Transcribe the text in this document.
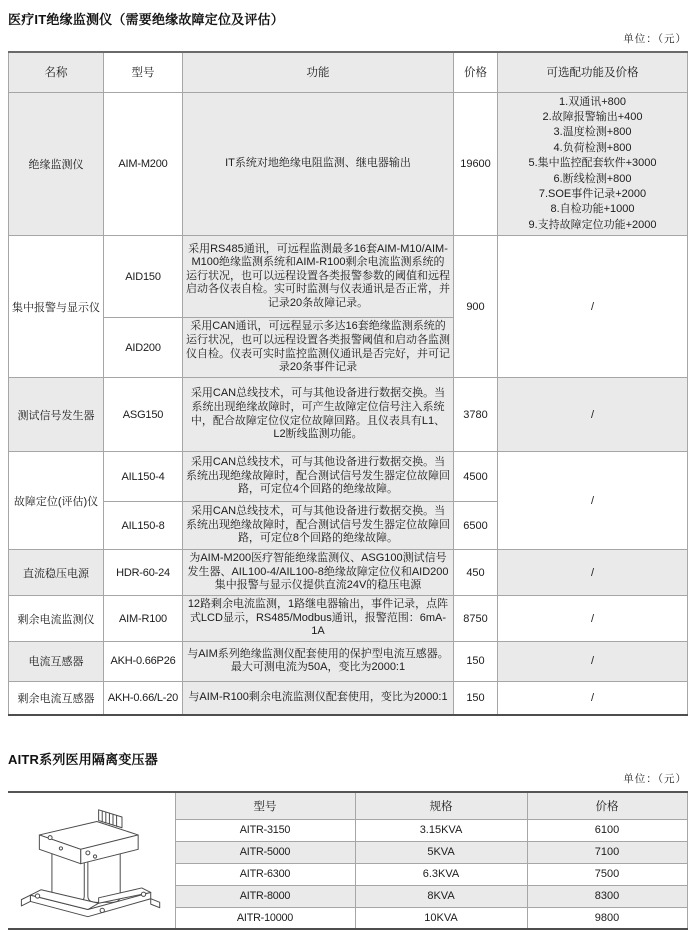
医疗IT绝缘监测仪（需要绝缘故障定位及评估）
单位：（元）
名称	型号	功能	价格	可选配功能及价格
绝缘监测仪	AIM-M200	IT系统对地绝缘电阻监测、继电器输出	19600	
1.双通讯+800
2.故障报警输出+400
3.温度检测+800
4.负荷检测+800
5.集中监控配套软件+3000
6.断线检测+800
7.SOE事件记录+2000
8.自检功能+1000
9.支持故障定位功能+2000

集中报警与显示仪	AID150	采用RS485通讯，可远程监测最多16套AIM-M10/AIM-M100绝缘监测系统和AIM-R100剩余电流监测系统的运行状况，也可以远程设置各类报警参数的阈值和远程启动各仪表自检。实可时监测与仪表通讯是否正常，并记录20条故障记录。	900	/
	AID200	采用CAN通讯，可远程显示多达16套绝缘监测系统的运行状况，也可以远程设置各类报警阈值和启动各监测仪自检。仪表可实时监控监测仪通讯是否完好，并可记录20条事件记录		
测试信号发生器	ASG150	采用CAN总线技术，可与其他设备进行数据交换。当系统出现绝缘故障时，可产生故障定位信号注入系统中，配合故障定位仪定位故障回路。且仪表具有L1、L2断线监测功能。	3780	/
故障定位(评估)仪	AIL150-4	采用CAN总线技术，可与其他设备进行数据交换。当系统出现绝缘故障时，配合测试信号发生器定位故障回路，可定位4个回路的绝缘故障。	4500	/
	AIL150-8	采用CAN总线技术，可与其他设备进行数据交换。当系统出现绝缘故障时，配合测试信号发生器定位故障回路，可定位8个回路的绝缘故障。	6500	
直流稳压电源	HDR-60-24	为AIM-M200医疗智能绝缘监测仪、ASG100测试信号发生器、AIL100-4/AIL100-8绝缘故障定位仪和AID200集中报警与显示仪提供直流24V的稳压电源	450	/
剩余电流监测仪	AIM-R100	12路剩余电流监测，1路继电器输出，事件记录，点阵式LCD显示，RS485/Modbus通讯，报警范围：6mA-1A	8750	/
电流互感器	AKH-0.66P26	与AIM系列绝缘监测仪配套使用的保护型电流互感器。最大可测电流为50A，变比为2000:1	150	/
剩余电流互感器	AKH-0.66/L-20	与AIM-R100剩余电流监测仪配套使用，变比为2000:1	150	/
AITR系列医用隔离变压器
单位：（元）
	型号	规格	价格
	AITR-3150	3.15KVA	6100
	AITR-5000	5KVA	7100
	AITR-6300	6.3KVA	7500
	AITR-8000	8KVA	8300
	AITR-10000	10KVA	9800
